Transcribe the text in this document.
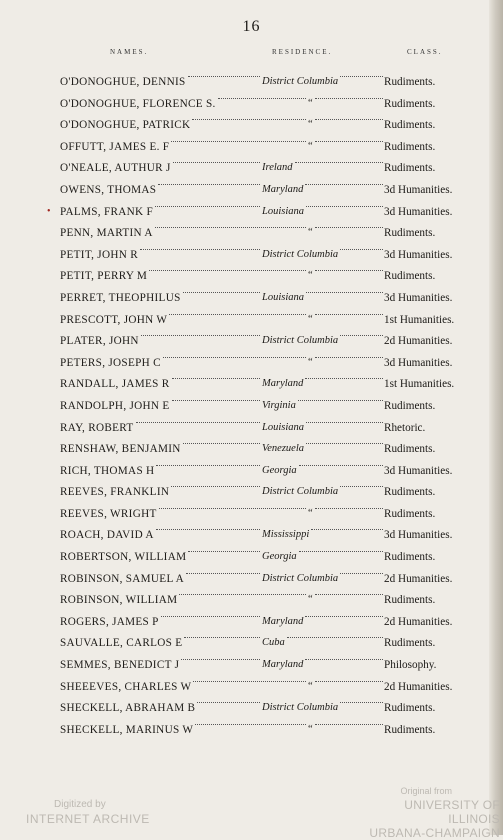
16
NAMES.	RESIDENCE.	CLASS.
O'DONOGHUE, DENNIS	District Columbia	Rudiments.
O'DONOGHUE, FLORENCE S.	“	Rudiments.
O'DONOGHUE, PATRICK	“	Rudiments.
OFFUTT, JAMES E. F	“	Rudiments.
O'NEALE, AUTHUR J	Ireland	Rudiments.
OWENS, THOMAS	Maryland	3d Humanities.
• PALMS, FRANK F	Louisiana	3d Humanities.
PENN, MARTIN A	“	Rudiments.
PETIT, JOHN R	District Columbia	3d Humanities.
PETIT, PERRY M	“	Rudiments.
PERRET, THEOPHILUS	Louisiana	3d Humanities.
PRESCOTT, JOHN W	“	1st Humanities.
PLATER, JOHN	District Columbia	2d Humanities.
PETERS, JOSEPH C	“	3d Humanities.
RANDALL, JAMES R	Maryland	1st Humanities.
RANDOLPH, JOHN E	Virginia	Rudiments.
RAY, ROBERT	Louisiana	Rhetoric.
RENSHAW, BENJAMIN	Venezuela	Rudiments.
RICH, THOMAS H	Georgia	3d Humanities.
REEVES, FRANKLIN	District Columbia	Rudiments.
REEVES, WRIGHT	“	Rudiments.
ROACH, DAVID A	Mississippi	3d Humanities.
ROBERTSON, WILLIAM	Georgia	Rudiments.
ROBINSON, SAMUEL A	District Columbia	2d Humanities.
ROBINSON, WILLIAM	“	Rudiments.
ROGERS, JAMES P	Maryland	2d Humanities.
SAUVALLE, CARLOS E	Cuba	Rudiments.
SEMMES, BENEDICT J	Maryland	Philosophy.
SHEEEVES, CHARLES W	“	2d Humanities.
SHECKELL, ABRAHAM B	District Columbia	Rudiments.
SHECKELL, MARINUS W	“	Rudiments.
Digitized by
INTERNET ARCHIVE
Original from
UNIVERSITY OF ILLINOIS
URBANA-CHAMPAIGN
